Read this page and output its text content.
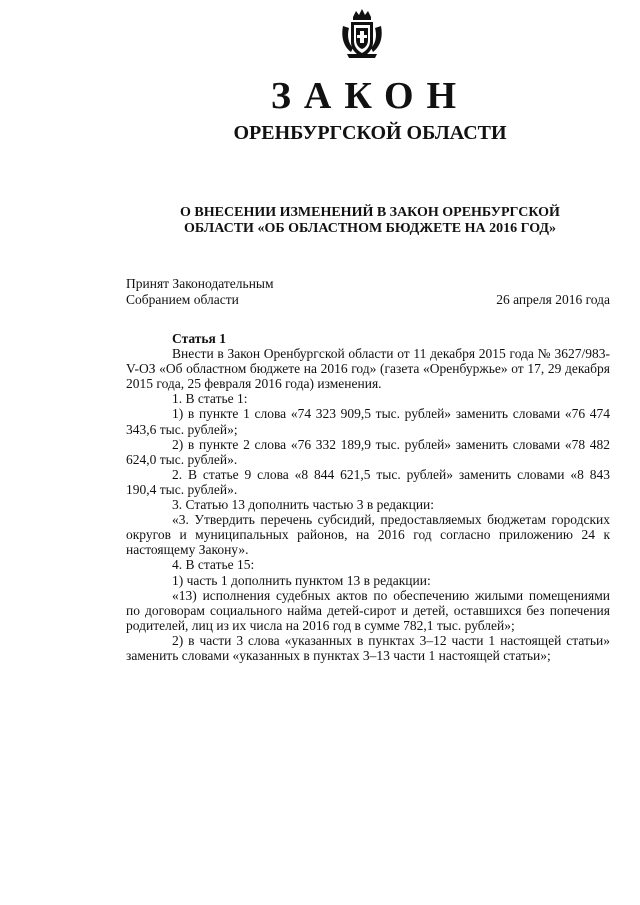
ЗАКОН
ОРЕНБУРГСКОЙ ОБЛАСТИ
О ВНЕСЕНИИ ИЗМЕНЕНИЙ В ЗАКОН ОРЕНБУРГСКОЙ
ОБЛАСТИ «ОБ ОБЛАСТНОМ БЮДЖЕТЕ НА 2016 ГОД»
Принят Законодательным
Собранием области	26 апреля 2016 года
Статья 1

Внести в Закон Оренбургской области от 11 декабря 2015 года № 3627/983-V-ОЗ «Об областном бюджете на 2016 год» (газета «Оренбуржье» от 17, 29 декабря 2015 года, 25 февраля 2016 года) изменения.

1. В статье 1:

1) в пункте 1 слова «74 323 909,5 тыс. рублей» заменить словами «76 474 343,6 тыс. рублей»;

2) в пункте 2 слова «76 332 189,9 тыс. рублей» заменить словами «78 482 624,0 тыс. рублей».

2. В статье 9 слова «8 844 621,5 тыс. рублей» заменить словами «8 843 190,4 тыс. рублей».

3. Статью 13 дополнить частью 3 в редакции:

«3. Утвердить перечень субсидий, предоставляемых бюджетам городских округов и муниципальных районов, на 2016 год согласно приложению 24 к настоящему Закону».

4. В статье 15:

1) часть 1 дополнить пунктом 13 в редакции:

«13) исполнения судебных актов по обеспечению жилыми помещениями по договорам социального найма детей-сирот и детей, оставшихся без попечения родителей, лиц из их числа на 2016 год в сумме 782,1 тыс. рублей»;

2) в части 3 слова «указанных в пунктах 3–12 части 1 настоящей статьи» заменить словами «указанных в пунктах 3–13 части 1 настоящей статьи»;
